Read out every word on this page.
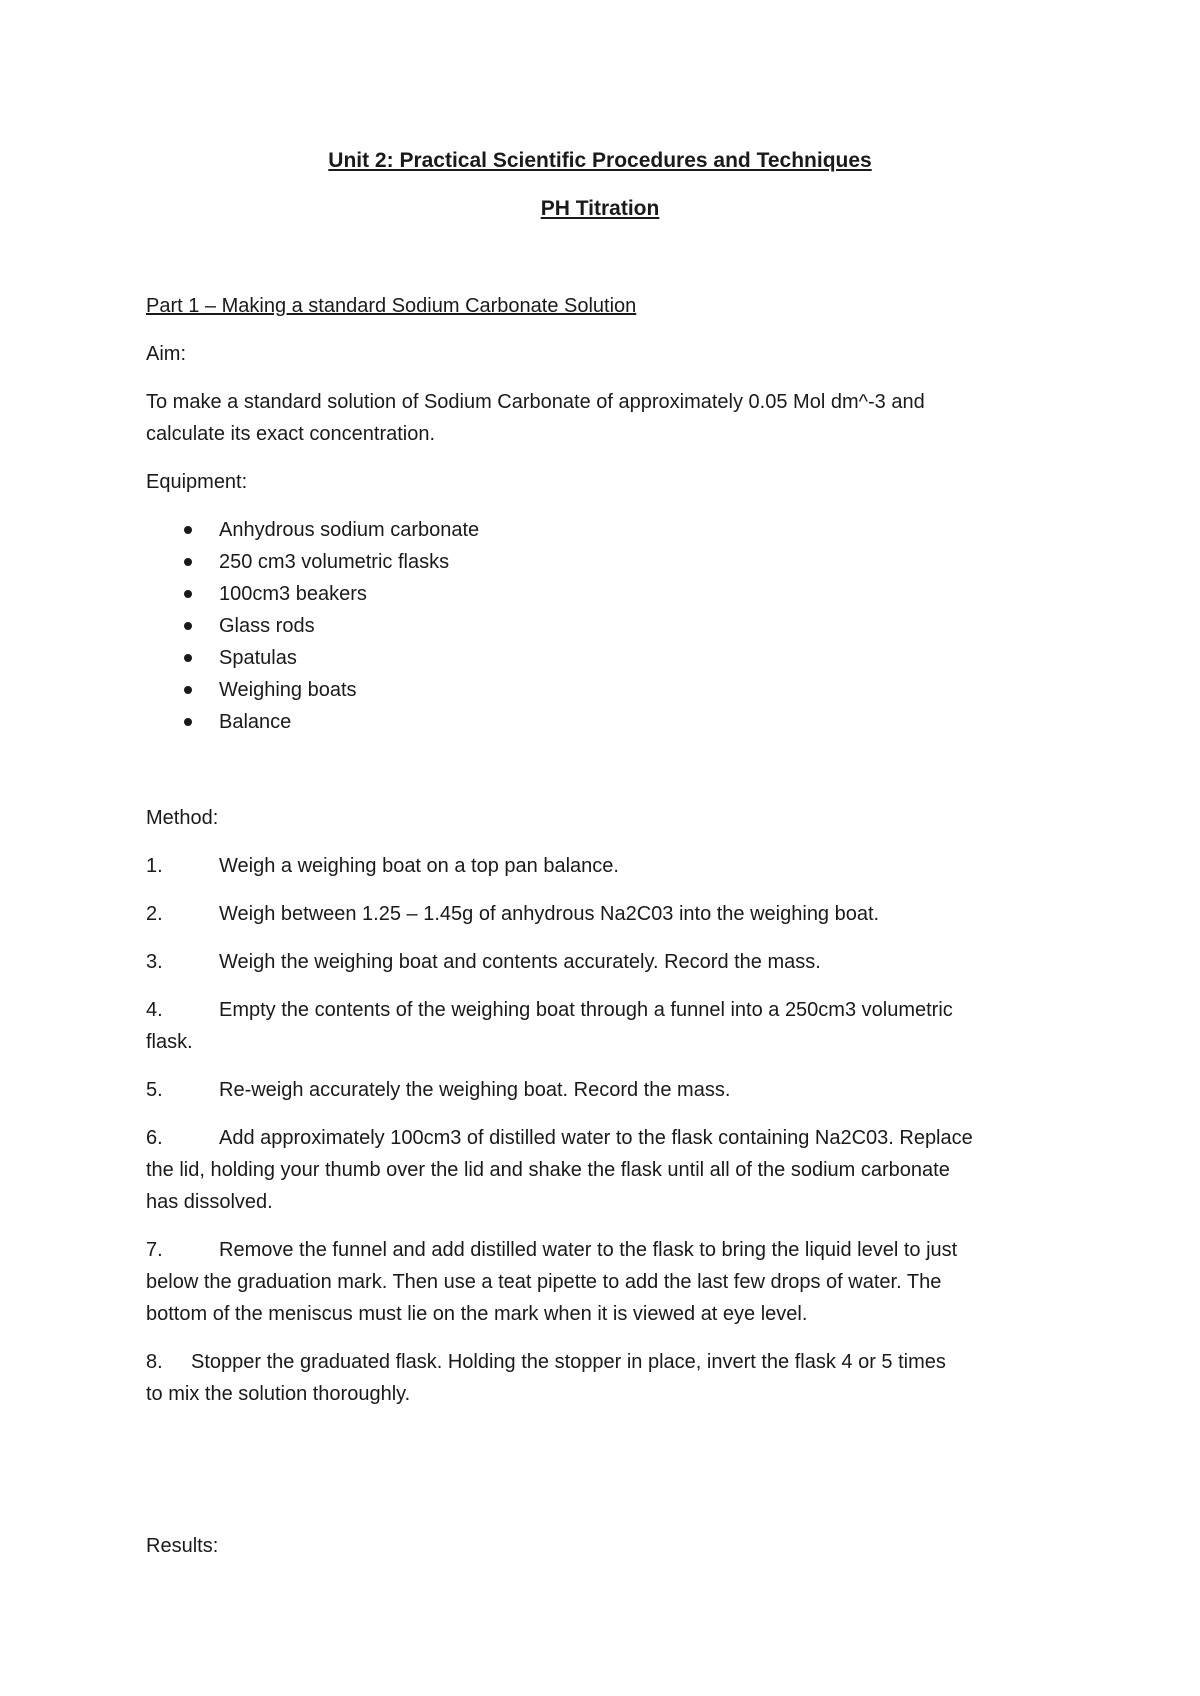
Unit 2: Practical Scientific Procedures and Techniques
PH Titration
Part 1 – Making a standard Sodium Carbonate Solution
Aim:
To make a standard solution of Sodium Carbonate of approximately 0.05 Mol dm^-3 and
calculate its exact concentration.
Equipment:
Anhydrous sodium carbonate
250 cm3 volumetric flasks
100cm3 beakers
Glass rods
Spatulas
Weighing boats
Balance
Method:
1.	Weigh a weighing boat on a top pan balance.
2.	Weigh between 1.25 – 1.45g of anhydrous Na2C03 into the weighing boat.
3.	Weigh the weighing boat and contents accurately. Record the mass.
4.	Empty the contents of the weighing boat through a funnel into a 250cm3 volumetric
flask.
5.	Re-weigh accurately the weighing boat. Record the mass.
6.	Add approximately 100cm3 of distilled water to the flask containing Na2C03. Replace
the lid, holding your thumb over the lid and shake the flask until all of the sodium carbonate
has dissolved.
7.	Remove the funnel and add distilled water to the flask to bring the liquid level to just
below the graduation mark. Then use a teat pipette to add the last few drops of water. The
bottom of the meniscus must lie on the mark when it is viewed at eye level.
8. Stopper the graduated flask. Holding the stopper in place, invert the flask 4 or 5 times
to mix the solution thoroughly.
Results:
